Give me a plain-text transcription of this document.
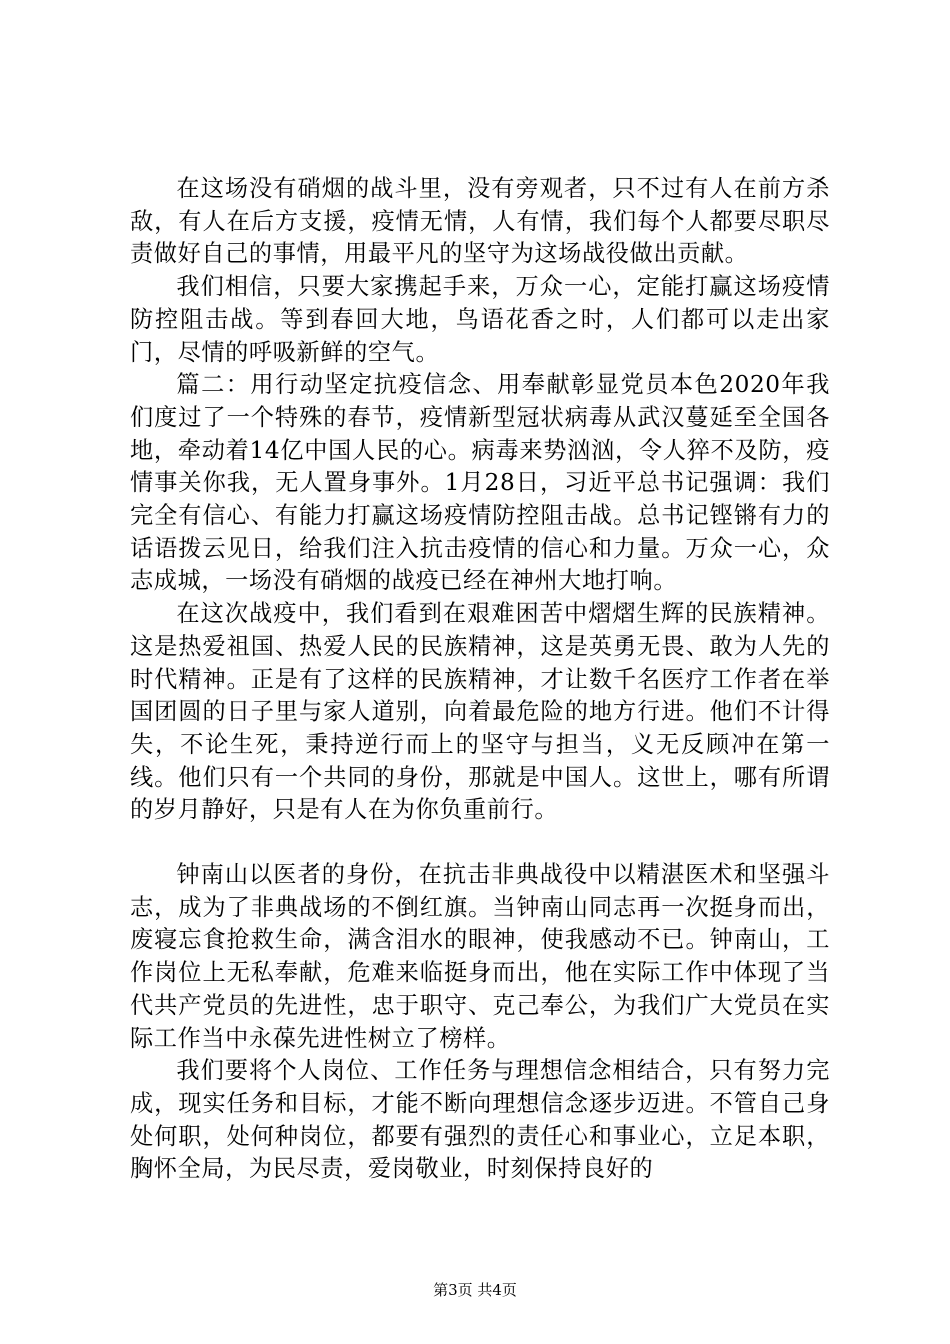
在这场没有硝烟的战斗里，没有旁观者，只不过有人在前方杀敌，有人在后方支援，疫情无情，人有情，我们每个人都要尽职尽责做好自己的事情，用最平凡的坚守为这场战役做出贡献。

我们相信，只要大家携起手来，万众一心，定能打赢这场疫情防控阻击战。等到春回大地，鸟语花香之时，人们都可以走出家门，尽情的呼吸新鲜的空气。

篇二：用行动坚定抗疫信念、用奉献彰显党员本色2020年我们度过了一个特殊的春节，疫情新型冠状病毒从武汉蔓延至全国各地，牵动着14亿中国人民的心。病毒来势汹汹，令人猝不及防，疫情事关你我，无人置身事外。1月28日，习近平总书记强调：我们完全有信心、有能力打赢这场疫情防控阻击战。总书记铿锵有力的话语拨云见日，给我们注入抗击疫情的信心和力量。万众一心，众志成城，一场没有硝烟的战疫已经在神州大地打响。

在这次战疫中，我们看到在艰难困苦中熠熠生辉的民族精神。这是热爱祖国、热爱人民的民族精神，这是英勇无畏、敢为人先的时代精神。正是有了这样的民族精神，才让数千名医疗工作者在举国团圆的日子里与家人道别，向着最危险的地方行进。他们不计得失，不论生死，秉持逆行而上的坚守与担当，义无反顾冲在第一线。他们只有一个共同的身份，那就是中国人。这世上，哪有所谓的岁月静好，只是有人在为你负重前行。

钟南山以医者的身份，在抗击非典战役中以精湛医术和坚强斗志，成为了非典战场的不倒红旗。当钟南山同志再一次挺身而出，废寝忘食抢救生命，满含泪水的眼神，使我感动不已。钟南山，工作岗位上无私奉献，危难来临挺身而出，他在实际工作中体现了当代共产党员的先进性，忠于职守、克己奉公，为我们广大党员在实际工作当中永葆先进性树立了榜样。

我们要将个人岗位、工作任务与理想信念相结合，只有努力完成，现实任务和目标，才能不断向理想信念逐步迈进。不管自己身处何职，处何种岗位，都要有强烈的责任心和事业心，立足本职，胸怀全局，为民尽责，爱岗敬业，时刻保持良好的

第3页 共4页
